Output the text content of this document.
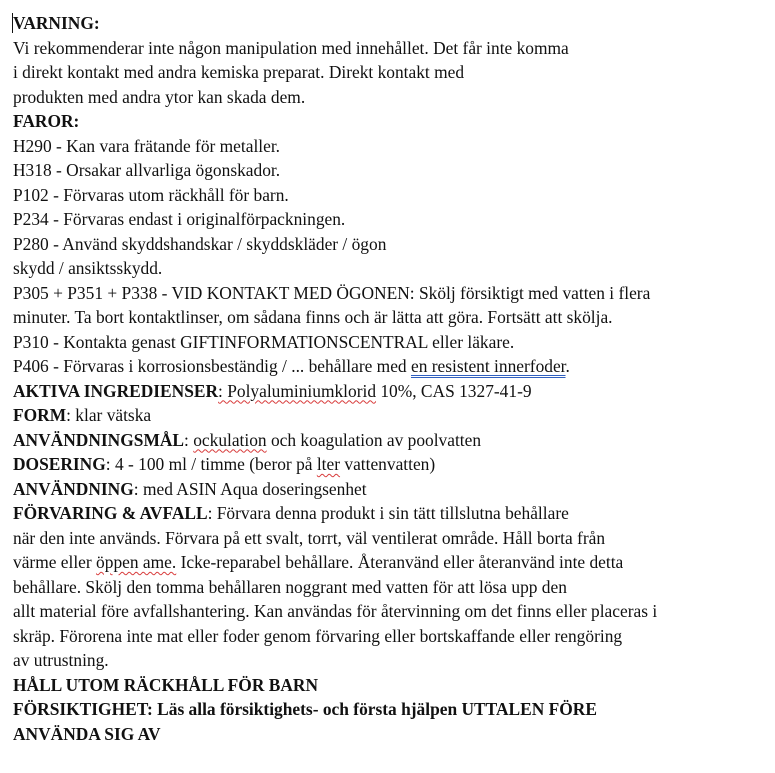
VARNING:
Vi rekommenderar inte någon manipulation med innehållet. Det får inte komma
i direkt kontakt med andra kemiska preparat. Direkt kontakt med
produkten med andra ytor kan skada dem.
FAROR:
H290 - Kan vara frätande för metaller.
H318 - Orsakar allvarliga ögonskador.
P102 - Förvaras utom räckhåll för barn.
P234 - Förvaras endast i originalförpackningen.
P280 - Använd skyddshandskar / skyddskläder / ögon
skydd / ansiktsskydd.
P305 + P351 + P338 - VID KONTAKT MED ÖGONEN: Skölj försiktigt med vatten i flera
minuter. Ta bort kontaktlinser, om sådana finns och är lätta att göra. Fortsätt att skölja.
P310 - Kontakta genast GIFTINFORMATIONSCENTRAL eller läkare.
P406 - Förvaras i korrosionsbeständig / ... behållare med en resistent innerfoder.
AKTIVA INGREDIENSER: Polyaluminiumklorid 10%, CAS 1327-41-9
FORM: klar vätska
ANVÄNDNINGSMÅL: ockulation och koagulation av poolvatten
DOSERING: 4 - 100 ml / timme (beror på lter vattenvatten)
ANVÄNDNING: med ASIN Aqua doseringsenhet
FÖRVARING & AVFALL: Förvara denna produkt i sin tätt tillslutna behållare
när den inte används. Förvara på ett svalt, torrt, väl ventilerat område. Håll borta från
värme eller öppen ame. Icke-reparabel behållare. Återanvänd eller återanvänd inte detta
behållare. Skölj den tomma behållaren noggrant med vatten för att lösa upp den
allt material före avfallshantering. Kan användas för återvinning om det finns eller placeras i
skräp. Förorena inte mat eller foder genom förvaring eller bortskaffande eller rengöring
av utrustning.
HÅLL UTOM RÄCKHÅLL FÖR BARN
FÖRSIKTIGHET: Läs alla försiktighets- och första hjälpen UTTALEN FÖRE
ANVÄNDA SIG AV
